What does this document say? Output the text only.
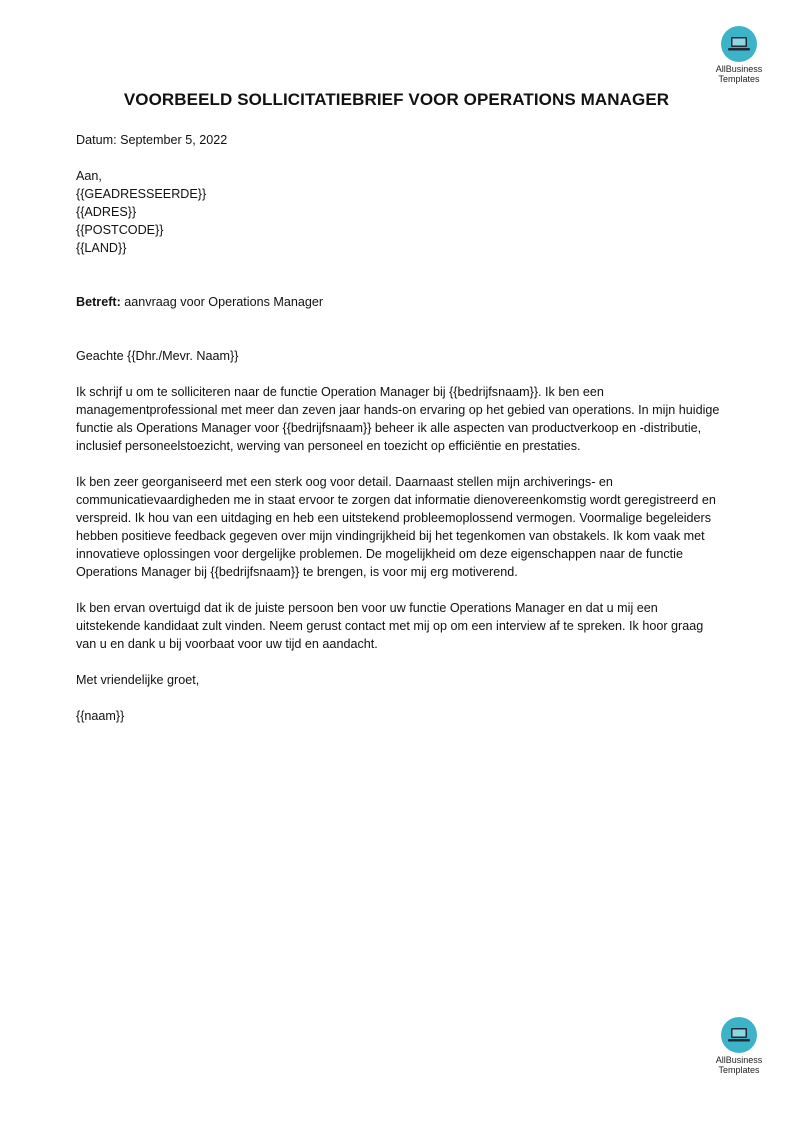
AllBusiness
Templates
VOORBEELD SOLLICITATIEBRIEF VOOR OPERATIONS MANAGER

Datum: September 5, 2022

Aan,
{{GEADRESSEERDE}}
{{ADRES}}
{{POSTCODE}}
{{LAND}}

Betreft: aanvraag voor Operations Manager

Geachte {{Dhr./Mevr. Naam}}

Ik schrijf u om te solliciteren naar de functie Operation Manager bij {{bedrijfsnaam}}. Ik ben een managementprofessional met meer dan zeven jaar hands-on ervaring op het gebied van operations. In mijn huidige functie als Operations Manager voor {{bedrijfsnaam}} beheer ik alle aspecten van productverkoop en -distributie, inclusief personeelstoezicht, werving van personeel en toezicht op efficiëntie en prestaties.

Ik ben zeer georganiseerd met een sterk oog voor detail. Daarnaast stellen mijn archiverings- en communicatievaardigheden me in staat ervoor te zorgen dat informatie dienovereenkomstig wordt geregistreerd en verspreid. Ik hou van een uitdaging en heb een uitstekend probleemoplossend vermogen. Voormalige begeleiders hebben positieve feedback gegeven over mijn vindingrijkheid bij het tegenkomen van obstakels. Ik kom vaak met innovatieve oplossingen voor dergelijke problemen. De mogelijkheid om deze eigenschappen naar de functie Operations Manager bij {{bedrijfsnaam}} te brengen, is voor mij erg motiverend.

Ik ben ervan overtuigd dat ik de juiste persoon ben voor uw functie Operations Manager en dat u mij een uitstekende kandidaat zult vinden. Neem gerust contact met mij op om een interview af te spreken. Ik hoor graag van u en dank u bij voorbaat voor uw tijd en aandacht.

Met vriendelijke groet,

{{naam}}

AllBusiness
Templates
